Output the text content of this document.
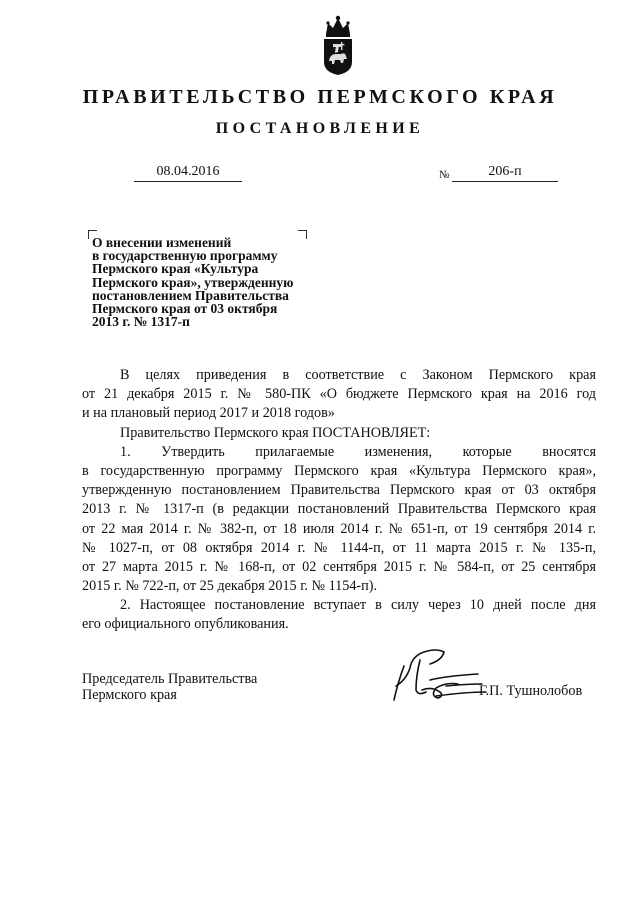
ПРАВИТЕЛЬСТВО ПЕРМСКОГО КРАЯ
ПОСТАНОВЛЕНИЕ
08.04.2016	№	206-п
О внесении изменений
в государственную программу
Пермского края «Культура
Пермского края», утвержденную
постановлением Правительства
Пермского края от 03 октября
2013 г. № 1317-п
В целях приведения в соответствие с Законом Пермского края
от 21 декабря 2015 г. № 580-ПК «О бюджете Пермского края на 2016 год
и на плановый период 2017 и 2018 годов»
Правительство Пермского края ПОСТАНОВЛЯЕТ:
1. Утвердить прилагаемые изменения, которые вносятся
в государственную программу Пермского края «Культура Пермского края»,
утвержденную постановлением Правительства Пермского края от 03 октября
2013 г. № 1317-п (в редакции постановлений Правительства Пермского края
от 22 мая 2014 г. № 382-п, от 18 июля 2014 г. № 651-п, от 19 сентября 2014 г.
№ 1027-п, от 08 октября 2014 г. № 1144-п, от 11 марта 2015 г. № 135-п,
от 27 марта 2015 г. № 168-п, от 02 сентября 2015 г. № 584-п, от 25 сентября
2015 г. № 722-п, от 25 декабря 2015 г. № 1154-п).
2. Настоящее постановление вступает в силу через 10 дней после дня
его официального опубликования.
Председатель Правительства
Пермского края	Г.П. Тушнолобов
